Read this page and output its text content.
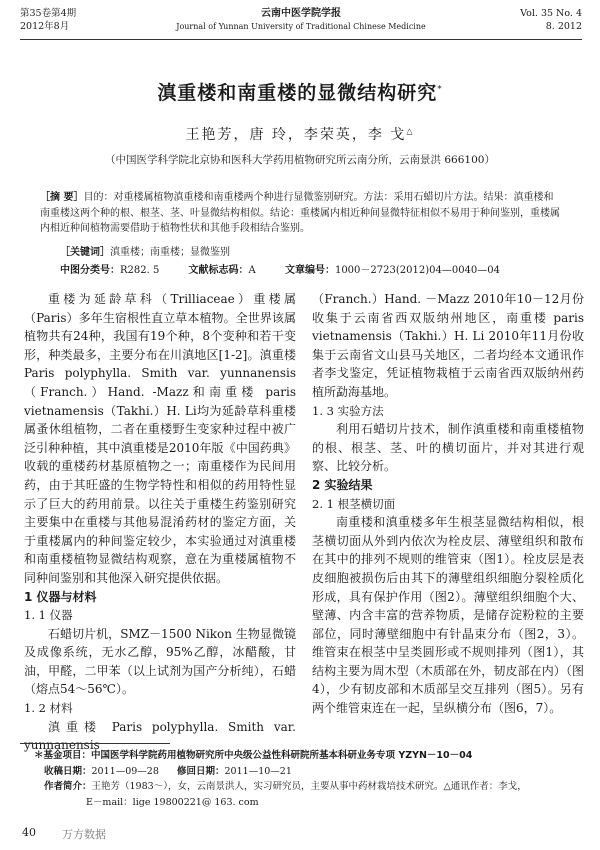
第35卷第4期
2012年8月
云南中医学院学报
Journal of Yunnan University of Traditional Chinese Medicine
Vol. 35 No. 4
8. 2012
滇重楼和南重楼的显微结构研究*
王艳芳，唐 玲，李荣英，李 戈△
（中国医学科学院北京协和医科大学药用植物研究所云南分所，云南景洪 666100）
［摘 要］目的：对重楼属植物滇重楼和南重楼两个种进行显微鉴别研究。方法：采用石蜡切片方法。结果：滇重楼和南重楼这两个种的根、根茎、茎、叶显微结构相似。结论：重楼属内相近种间显微特征相似不易用于种间鉴别，重楼属内相近种间植物需要借助于植物性状和其他手段相结合鉴别。
［关键词］滇重楼；南重楼；显微鉴别
中图分类号：R282. 5	文献标志码：A	文章编号：1000－2723(2012)04—0040—04

重楼为延龄草科（Trilliaceae）重楼属（Paris）多年生宿根性直立草本植物。全世界该属植物共有24种，我国有19个种，8个变种和若干变形，种类最多，主要分布在川滇地区[1-2]。滇重楼 Paris polyphylla. Smith var. yunnanensis（Franch.）Hand. -Mazz和南重楼 paris vietnamensis（Takhi.）H. Li均为延龄草科重楼属蚤休组植物，二者在重楼野生变家种过程中被广泛引种种植，其中滇重楼是2010年版《中国药典》收载的重楼药材基原植物之一；南重楼作为民间用药，由于其旺盛的生物学特性和相似的药用特性显示了巨大的药用前景。以往关于重楼生药鉴别研究主要集中在重楼与其他易混淆药材的鉴定方面，关于重楼属内的种间鉴定较少，本实验通过对滇重楼和南重楼植物显微结构观察，意在为重楼属植物不同种间鉴别和其他深入研究提供依据。

1 仪器与材料
1. 1 仪器

石蜡切片机，SMZ－1500 Nikon 生物显微镜及成像系统，无水乙醇，95%乙醇，冰醋酸，甘油，甲醛，二甲苯（以上试剂为国产分析纯），石蜡（熔点54～56℃）。

1. 2 材料

滇重楼 Paris polyphylla. Smith var. yunnanensis

（Franch.）Hand. －Mazz 2010年10－12月份收集于云南省西双版纳州地区，南重楼 paris vietnamensis（Takhi.）H. Li 2010年11月份收集于云南省文山县马关地区，二者均经本文通讯作者李戈鉴定，凭证植物栽植于云南省西双版纳州药植所勐海基地。

1. 3 实验方法

利用石蜡切片技术，制作滇重楼和南重楼植物的根、根茎、茎、叶的横切面片，并对其进行观察、比较分析。

2 实验结果
2. 1 根茎横切面

南重楼和滇重楼多年生根茎显微结构相似，根茎横切面从外到内依次为栓皮层、薄壁组织和散布在其中的排列不规则的维管束（图1）。栓皮层是表皮细胞被损伤后由其下的薄壁组织细胞分裂栓质化形成，具有保护作用（图2）。薄壁组织细胞个大、壁薄、内含丰富的营养物质，是储存淀粉粒的主要部位，同时薄壁细胞中有针晶束分布（图2，3）。维管束在根茎中呈类圆形或不规则排列（图1），其结构主要为周木型（木质部在外，韧皮部在内）（图4），少有韧皮部和木质部呈交互排列（图5）。另有两个维管束连在一起，呈纵横分布（图6，7）。

＊基金项目：中国医学科学院药用植物研究所中央级公益性科研院所基本科研业务专项 YZYN－10－04
收稿日期：2011—09—28 修回日期：2011—10—21
作者简介：王艳芳（1983～），女，云南景洪人，实习研究员，主要从事中药材栽培技术研究。△通讯作者：李戈，
E－mail：lige 19800221@ 163. com
40 万方数据
